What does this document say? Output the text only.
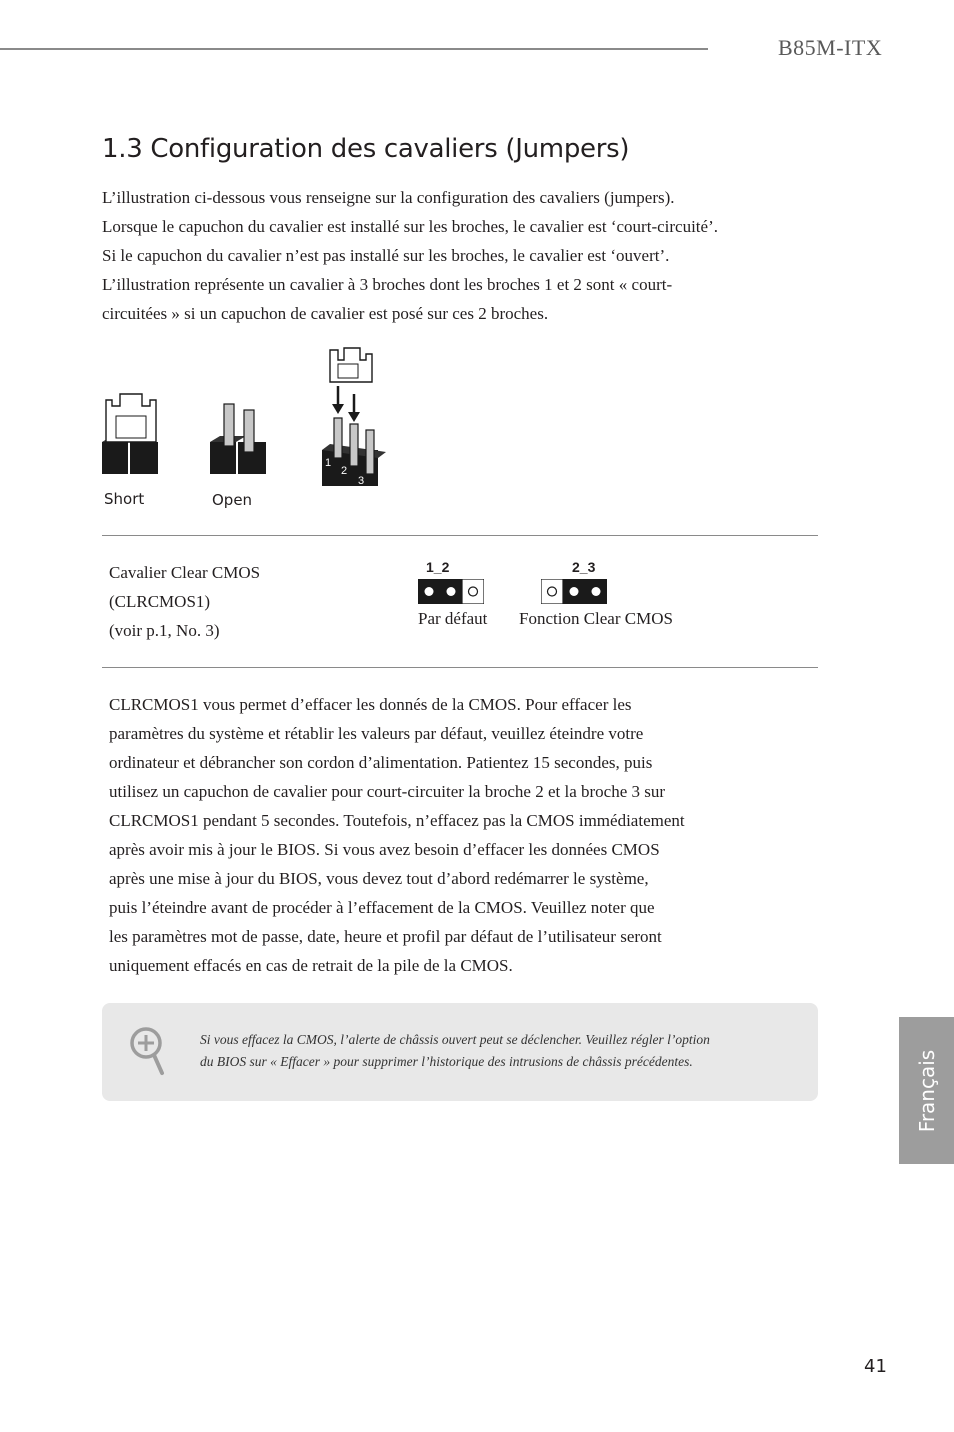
B85M-ITX
1.3 Configuration des cavaliers (Jumpers)

L’illustration ci-dessous vous renseigne sur la configuration des cavaliers (jumpers).

Lorsque le capuchon du cavalier est installé sur les broches, le cavalier est ‘court-circuité’.

Si le capuchon du cavalier n’est pas installé sur les broches, le cavalier est ‘ouvert’.

L’illustration représente un cavalier à 3 broches dont les broches 1 et 2 sont « court-

circuitées » si un capuchon de cavalier est posé sur ces 2 broches.

1
2
3
Short	Open
Cavalier Clear CMOS
(CLRCMOS1)
(voir p.1, No. 3)
1_2
Par défaut
2_3
Fonction Clear CMOS

CLRCMOS1 vous permet d’effacer les donnés de la CMOS. Pour effacer les

paramètres du système et rétablir les valeurs par défaut, veuillez éteindre votre

ordinateur et débrancher son cordon d’alimentation. Patientez 15 secondes, puis

utilisez un capuchon de cavalier pour court-circuiter la broche 2 et la broche 3 sur

CLRCMOS1 pendant 5 secondes. Toutefois, n’effacez pas la CMOS immédiatement

après avoir mis à jour le BIOS. Si vous avez besoin d’effacer les données CMOS

après une mise à jour du BIOS, vous devez tout d’abord redémarrer le système,

puis l’éteindre avant de procéder à l’effacement de la CMOS. Veuillez noter que

les paramètres mot de passe, date, heure et profil par défaut de l’utilisateur seront

uniquement effacés en cas de retrait de la pile de la CMOS.

Si vous effacez la CMOS, l’alerte de châssis ouvert peut se déclencher. Veuillez régler l’option
du BIOS sur « Effacer » pour supprimer l’historique des intrusions de châssis précédentes.	Français
41
